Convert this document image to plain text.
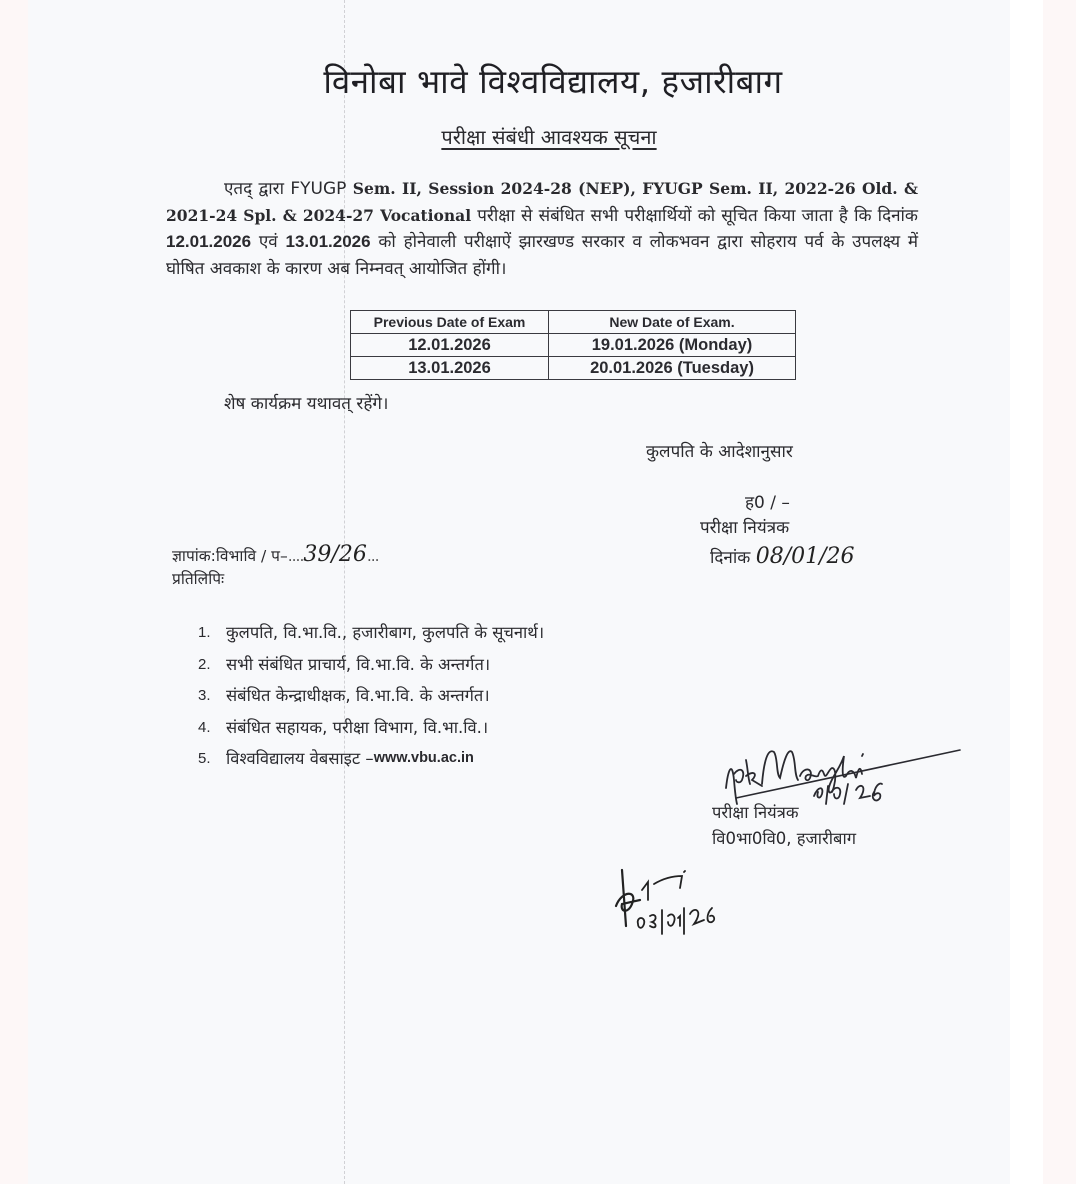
विनोबा भावे विश्वविद्यालय, हजारीबाग
परीक्षा संबंधी आवश्यक सूचना
एतद् द्वारा FYUGP Sem. II, Session 2024-28 (NEP), FYUGP Sem. II, 2022-26 Old. & 2021-24 Spl. & 2024-27 Vocational परीक्षा से संबंधित सभी परीक्षार्थियों को सूचित किया जाता है कि दिनांक 12.01.2026 एवं 13.01.2026 को होनेवाली परीक्षाऐं झारखण्ड सरकार व लोकभवन द्वारा सोहराय पर्व के उपलक्ष्य में घोषित अवकाश के कारण अब निम्नवत् आयोजित होंगी।
Previous Date of Exam	New Date of Exam.
12.01.2026	19.01.2026 (Monday)
13.01.2026	20.01.2026 (Tuesday)
शेष कार्यक्रम यथावत् रहेंगे।
कुलपति के आदेशानुसार
ह0 / –
परीक्षा नियंत्रक
दिनांक 08/01/26
ज्ञापांक:विभावि / प–....39/26...
प्रतिलिपिः
1. कुलपति, वि.भा.वि., हजारीबाग, कुलपति के सूचनार्थ।
2. सभी संबंधित प्राचार्य, वि.भा.वि. के अन्तर्गत।
3. संबंधित केन्द्राधीक्षक, वि.भा.वि. के अन्तर्गत।
4. संबंधित सहायक, परीक्षा विभाग, वि.भा.वि.।
5. विश्वविद्यालय वेबसाइट – www.vbu.ac.in
परीक्षा नियंत्रक
वि0भा0वि0, हजारीबाग
